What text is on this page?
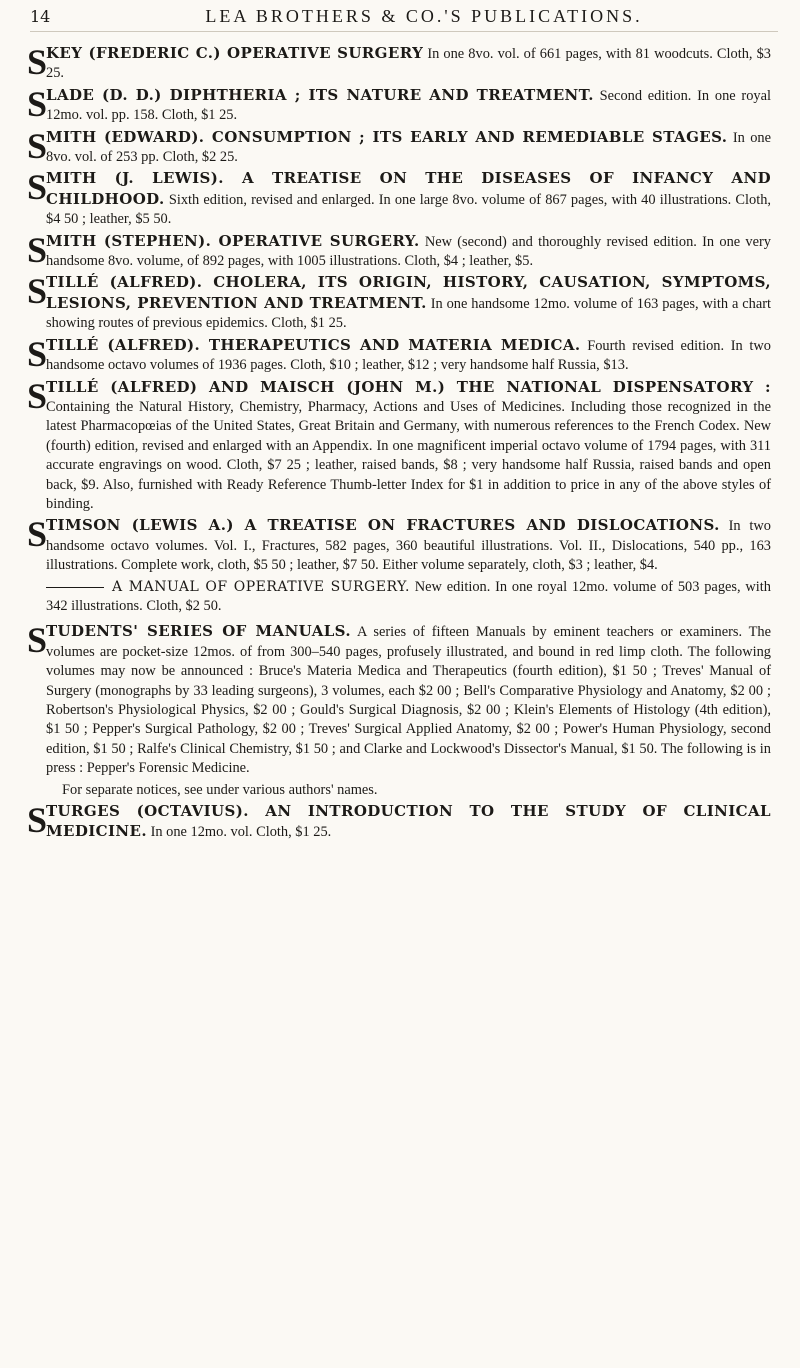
14	LEA BROTHERS & CO.'S PUBLICATIONS.
S
KEY (FREDERIC C.) OPERATIVE SURGERY In one 8vo. vol. of 661 pages, with 81 woodcuts. Cloth, $3 25.
S
LADE (D. D.) DIPHTHERIA ; ITS NATURE AND TREATMENT. Second edition. In one royal 12mo. vol. pp. 158. Cloth, $1 25.
S
MITH (EDWARD). CONSUMPTION ; ITS EARLY AND REMEDIABLE STAGES. In one 8vo. vol. of 253 pp. Cloth, $2 25.
S
MITH (J. LEWIS). A TREATISE ON THE DISEASES OF INFANCY AND CHILDHOOD. Sixth edition, revised and enlarged. In one large 8vo. volume of 867 pages, with 40 illustrations. Cloth, $4 50 ; leather, $5 50.
S
MITH (STEPHEN). OPERATIVE SURGERY. New (second) and thoroughly revised edition. In one very handsome 8vo. volume, of 892 pages, with 1005 illustrations. Cloth, $4 ; leather, $5.
S
TILLÉ (ALFRED). CHOLERA, ITS ORIGIN, HISTORY, CAUSATION, SYMPTOMS, LESIONS, PREVENTION AND TREATMENT. In one handsome 12mo. volume of 163 pages, with a chart showing routes of previous epidemics. Cloth, $1 25.
S
TILLÉ (ALFRED). THERAPEUTICS AND MATERIA MEDICA. Fourth revised edition. In two handsome octavo volumes of 1936 pages. Cloth, $10 ; leather, $12 ; very handsome half Russia, $13.
S
TILLÉ (ALFRED) AND MAISCH (JOHN M.) THE NATIONAL DISPENSATORY : Containing the Natural History, Chemistry, Pharmacy, Actions and Uses of Medicines. Including those recognized in the latest Pharmacopœias of the United States, Great Britain and Germany, with numerous references to the French Codex. New (fourth) edition, revised and enlarged with an Appendix. In one magnificent imperial octavo volume of 1794 pages, with 311 accurate engravings on wood. Cloth, $7 25 ; leather, raised bands, $8 ; very handsome half Russia, raised bands and open back, $9. Also, furnished with Ready Reference Thumb-letter Index for $1 in addition to price in any of the above styles of binding.
S
TIMSON (LEWIS A.) A TREATISE ON FRACTURES AND DISLOCATIONS. In two handsome octavo volumes. Vol. I., Fractures, 582 pages, 360 beautiful illustrations. Vol. II., Dislocations, 540 pp., 163 illustrations. Complete work, cloth, $5 50 ; leather, $7 50. Either volume separately, cloth, $3 ; leather, $4.
A MANUAL OF OPERATIVE SURGERY. New edition. In one royal 12mo. volume of 503 pages, with 342 illustrations. Cloth, $2 50.
S
TUDENTS' SERIES OF MANUALS. A series of fifteen Manuals by eminent teachers or examiners. The volumes are pocket-size 12mos. of from 300–540 pages, profusely illustrated, and bound in red limp cloth. The following volumes may now be announced : Bruce's Materia Medica and Therapeutics (fourth edition), $1 50 ; Treves' Manual of Surgery (monographs by 33 leading surgeons), 3 volumes, each $2 00 ; Bell's Comparative Physiology and Anatomy, $2 00 ; Robertson's Physiological Physics, $2 00 ; Gould's Surgical Diagnosis, $2 00 ; Klein's Elements of Histology (4th edition), $1 50 ; Pepper's Surgical Pathology, $2 00 ; Treves' Surgical Applied Anatomy, $2 00 ; Power's Human Physiology, second edition, $1 50 ; Ralfe's Clinical Chemistry, $1 50 ; and Clarke and Lockwood's Dissector's Manual, $1 50. The following is in press : Pepper's Forensic Medicine.
For separate notices, see under various authors' names.
S
TURGES (OCTAVIUS). AN INTRODUCTION TO THE STUDY OF CLINICAL MEDICINE. In one 12mo. vol. Cloth, $1 25.
